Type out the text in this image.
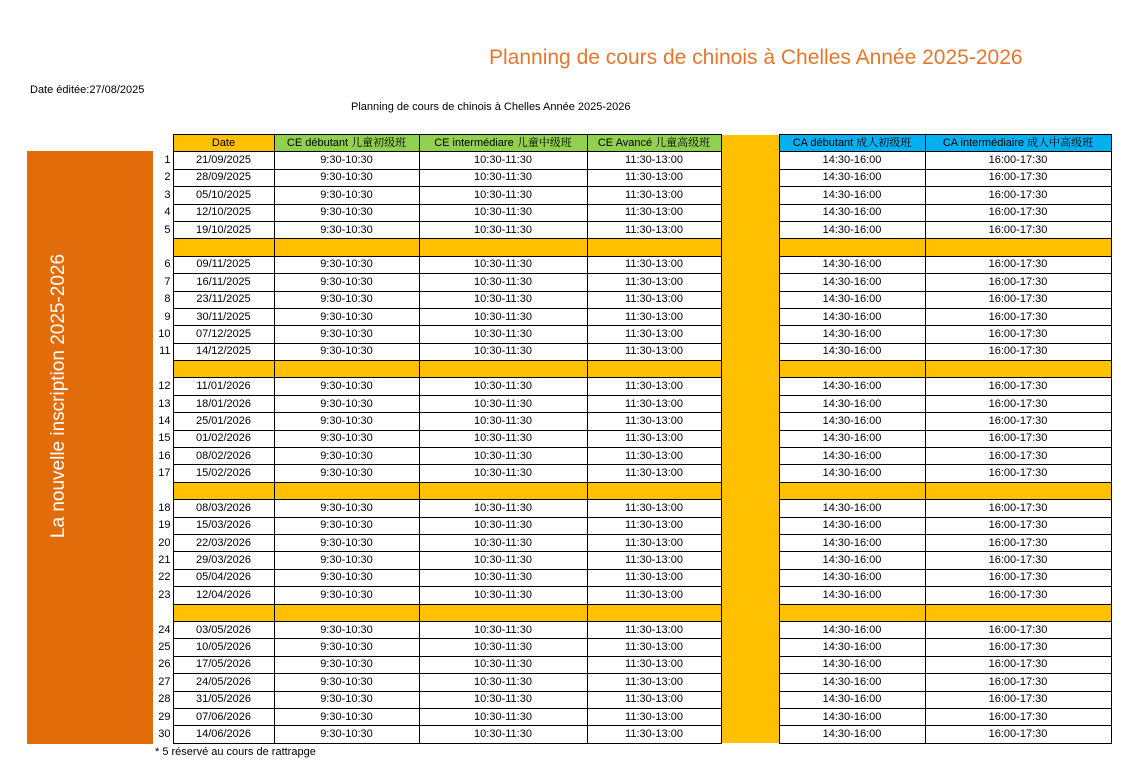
Planning de cours de chinois à Chelles Année 2025-2026
Date éditée:27/08/2025
Planning de cours de chinois à Chelles Année 2025-2026
La nouvelle inscription 2025-2026
	Date	CE débutant 儿童初级班	CE intermédiare 儿童中级班	CE Avancé 儿童高级班		CA débutant 成人初级班	CA intermédiaire 成人中高级班
1	21/09/2025	9:30-10:30	10:30-11:30	11:30-13:00		14:30-16:00	16:00-17:30
2	28/09/2025	9:30-10:30	10:30-11:30	11:30-13:00		14:30-16:00	16:00-17:30
3	05/10/2025	9:30-10:30	10:30-11:30	11:30-13:00		14:30-16:00	16:00-17:30
4	12/10/2025	9:30-10:30	10:30-11:30	11:30-13:00		14:30-16:00	16:00-17:30
5	19/10/2025	9:30-10:30	10:30-11:30	11:30-13:00		14:30-16:00	16:00-17:30

6	09/11/2025	9:30-10:30	10:30-11:30	11:30-13:00		14:30-16:00	16:00-17:30
7	16/11/2025	9:30-10:30	10:30-11:30	11:30-13:00		14:30-16:00	16:00-17:30
8	23/11/2025	9:30-10:30	10:30-11:30	11:30-13:00		14:30-16:00	16:00-17:30
9	30/11/2025	9:30-10:30	10:30-11:30	11:30-13:00		14:30-16:00	16:00-17:30
10	07/12/2025	9:30-10:30	10:30-11:30	11:30-13:00		14:30-16:00	16:00-17:30
11	14/12/2025	9:30-10:30	10:30-11:30	11:30-13:00		14:30-16:00	16:00-17:30

12	11/01/2026	9:30-10:30	10:30-11:30	11:30-13:00		14:30-16:00	16:00-17:30
13	18/01/2026	9:30-10:30	10:30-11:30	11:30-13:00		14:30-16:00	16:00-17:30
14	25/01/2026	9:30-10:30	10:30-11:30	11:30-13:00		14:30-16:00	16:00-17:30
15	01/02/2026	9:30-10:30	10:30-11:30	11:30-13:00		14:30-16:00	16:00-17:30
16	08/02/2026	9:30-10:30	10:30-11:30	11:30-13:00		14:30-16:00	16:00-17:30
17	15/02/2026	9:30-10:30	10:30-11:30	11:30-13:00		14:30-16:00	16:00-17:30

18	08/03/2026	9:30-10:30	10:30-11:30	11:30-13:00		14:30-16:00	16:00-17:30
19	15/03/2026	9:30-10:30	10:30-11:30	11:30-13:00		14:30-16:00	16:00-17:30
20	22/03/2026	9:30-10:30	10:30-11:30	11:30-13:00		14:30-16:00	16:00-17:30
21	29/03/2026	9:30-10:30	10:30-11:30	11:30-13:00		14:30-16:00	16:00-17:30
22	05/04/2026	9:30-10:30	10:30-11:30	11:30-13:00		14:30-16:00	16:00-17:30
23	12/04/2026	9:30-10:30	10:30-11:30	11:30-13:00		14:30-16:00	16:00-17:30

24	03/05/2026	9:30-10:30	10:30-11:30	11:30-13:00		14:30-16:00	16:00-17:30
25	10/05/2026	9:30-10:30	10:30-11:30	11:30-13:00		14:30-16:00	16:00-17:30
26	17/05/2026	9:30-10:30	10:30-11:30	11:30-13:00		14:30-16:00	16:00-17:30
27	24/05/2026	9:30-10:30	10:30-11:30	11:30-13:00		14:30-16:00	16:00-17:30
28	31/05/2026	9:30-10:30	10:30-11:30	11:30-13:00		14:30-16:00	16:00-17:30
29	07/06/2026	9:30-10:30	10:30-11:30	11:30-13:00		14:30-16:00	16:00-17:30
30	14/06/2026	9:30-10:30	10:30-11:30	11:30-13:00		14:30-16:00	16:00-17:30
* 5 réservé au cours de rattrapge
